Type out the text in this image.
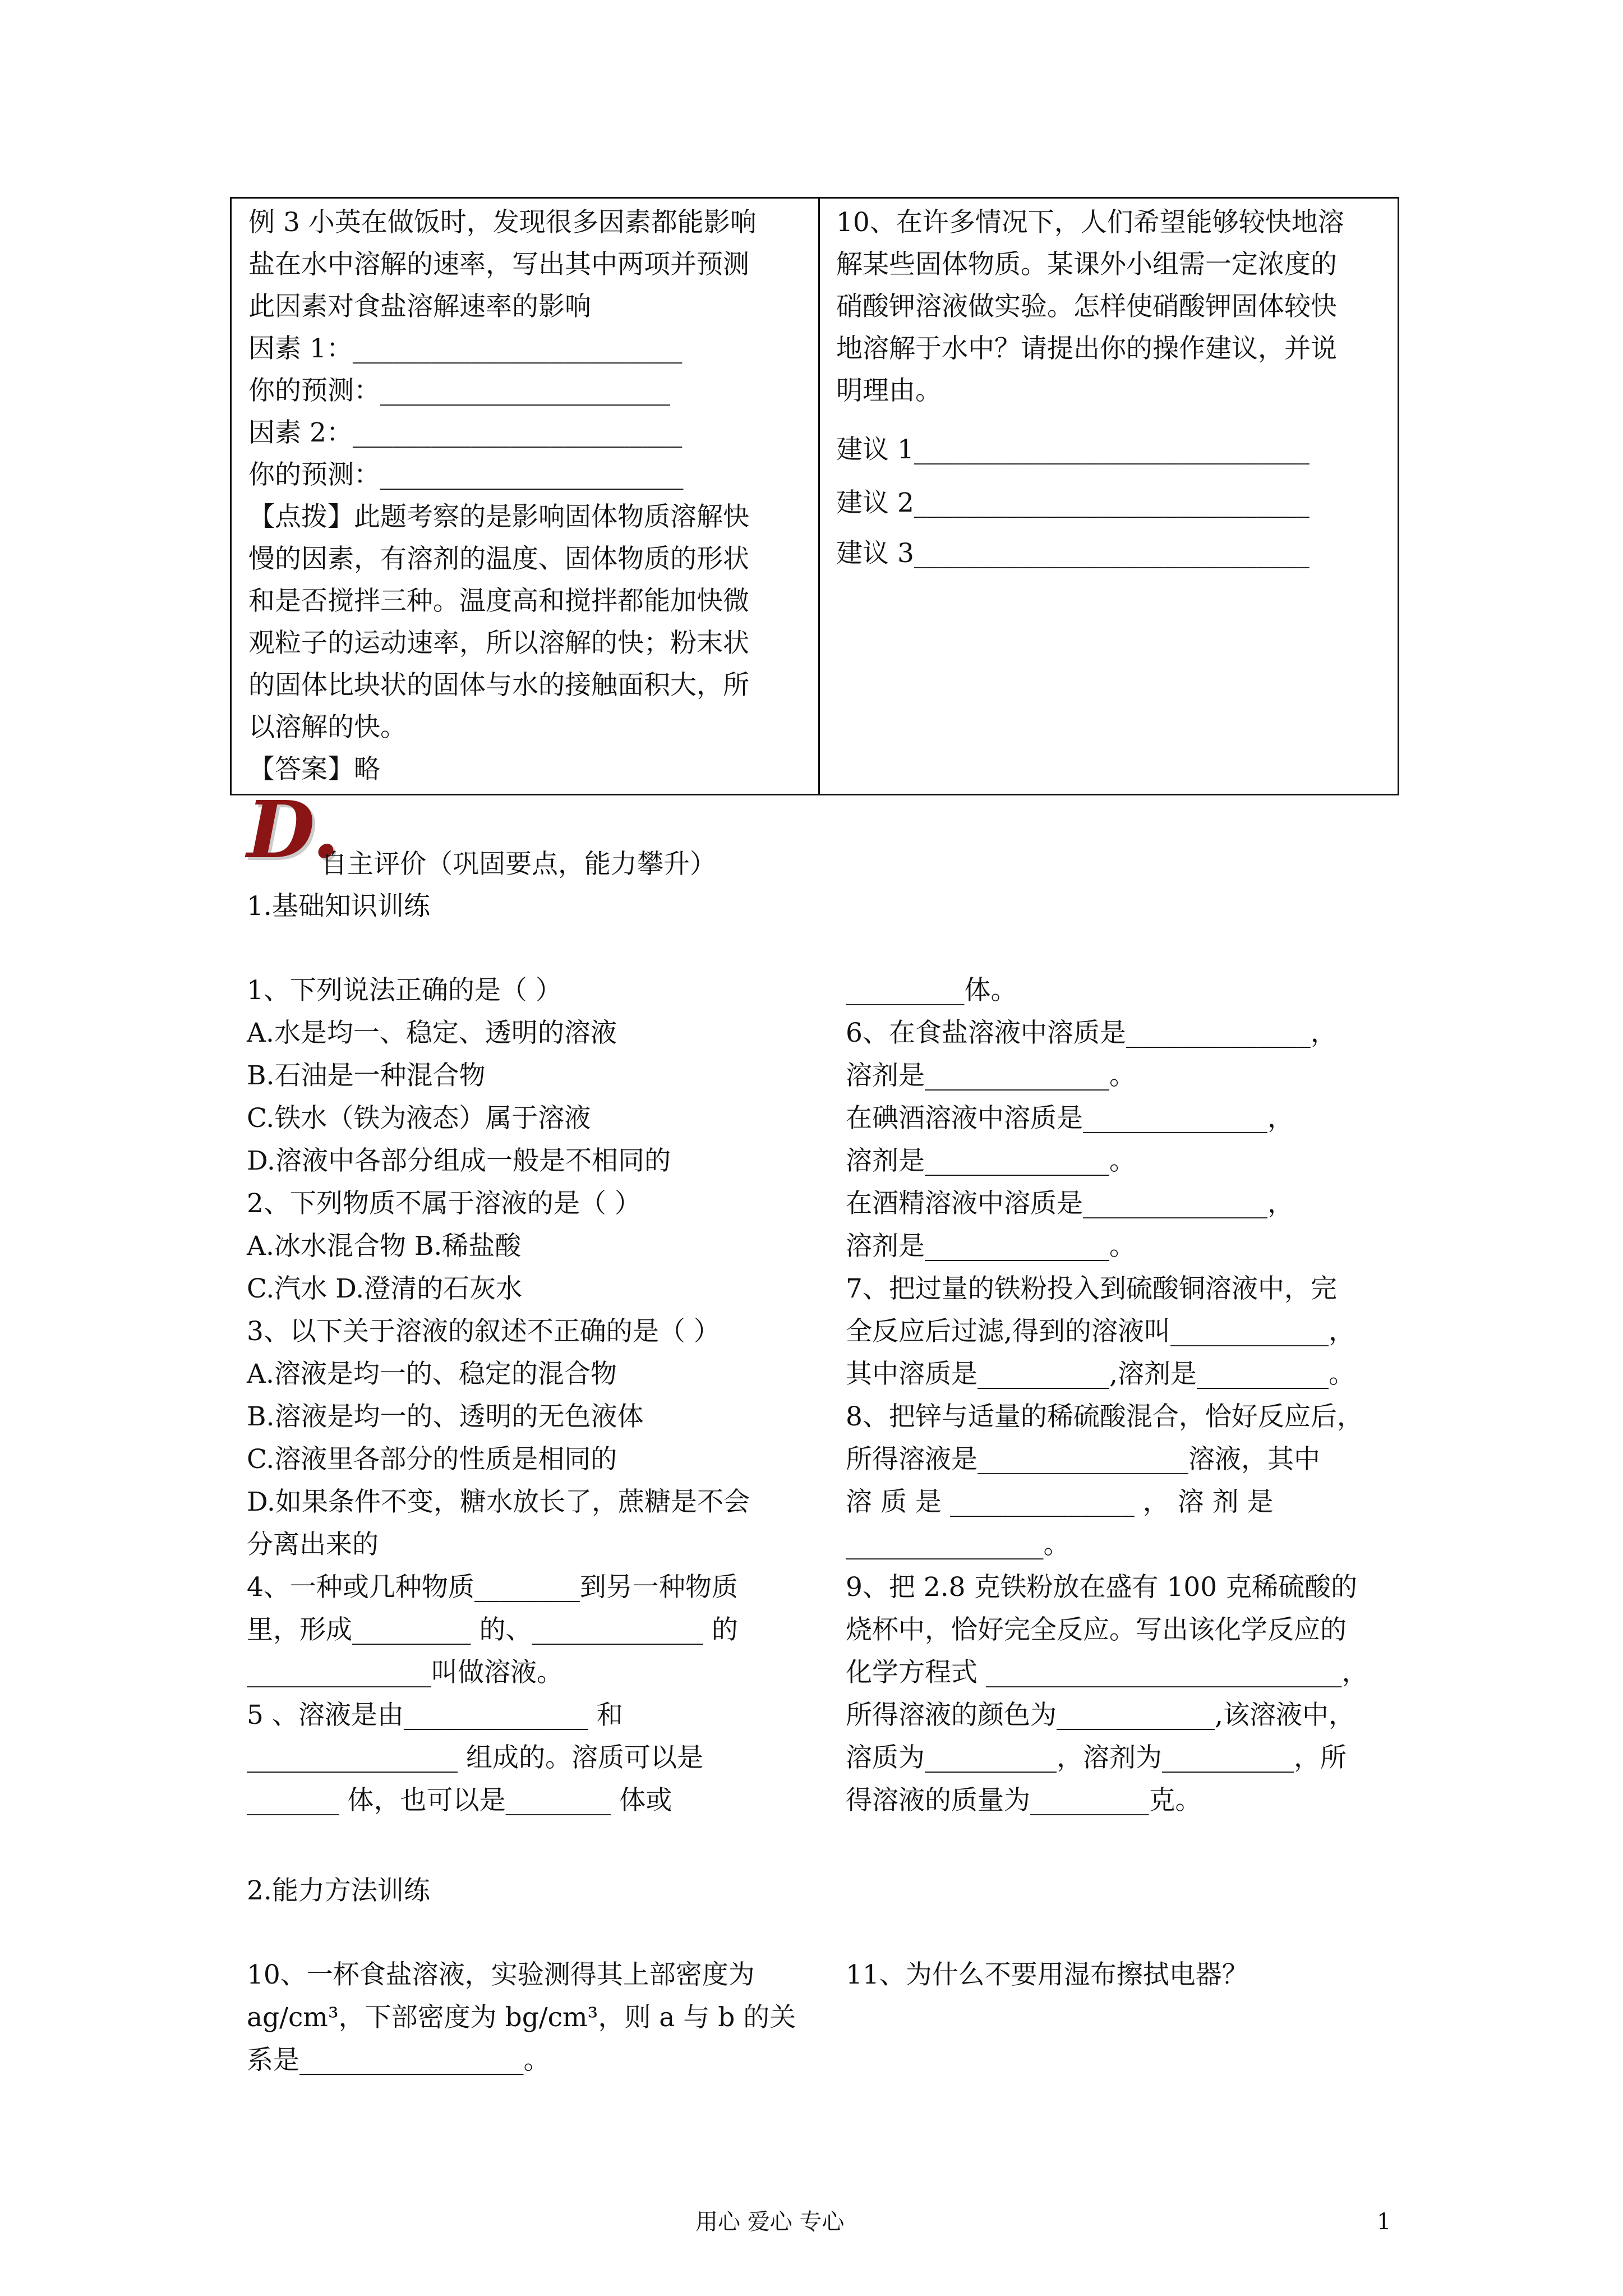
例 3 小英在做饭时，发现很多因素都能影响
盐在水中溶解的速率，写出其中两项并预测
此因素对食盐溶解速率的影响
因素 1：_________________________
你的预测：______________________
因素 2：_________________________
你的预测：_______________________
【点拨】此题考察的是影响固体物质溶解快
慢的因素，有溶剂的温度、固体物质的形状
和是否搅拌三种。温度高和搅拌都能加快微
观粒子的运动速率，所以溶解的快；粉末状
的固体比块状的固体与水的接触面积大，所
以溶解的快。
【答案】略
10、在许多情况下，人们希望能够较快地溶
解某些固体物质。某课外小组需一定浓度的
硝酸钾溶液做实验。怎样使硝酸钾固体较快
地溶解于水中？请提出你的操作建议，并说
明理由。
建议 1______________________________
建议 2______________________________
建议 3______________________________
D.
自主评价（巩固要点，能力攀升）
1.基础知识训练
1、下列说法正确的是（ ）
A.水是均一、稳定、透明的溶液
B.石油是一种混合物
C.铁水（铁为液态）属于溶液
D.溶液中各部分组成一般是不相同的
2、下列物质不属于溶液的是（ ）
A.冰水混合物 B.稀盐酸
C.汽水 D.澄清的石灰水
3、以下关于溶液的叙述不正确的是（ ）
A.溶液是均一的、稳定的混合物
B.溶液是均一的、透明的无色液体
C.溶液里各部分的性质是相同的
D.如果条件不变，糖水放长了，蔗糖是不会
分离出来的
4、一种或几种物质________到另一种物质
里，形成_________ 的、_____________ 的
______________叫做溶液。
5 、溶液是由______________ 和
________________ 组成的。溶质可以是
_______ 体，也可以是________ 体或
_________体。
6、在食盐溶液中溶质是______________，
溶剂是______________。
在碘酒溶液中溶质是______________，
溶剂是______________。
在酒精溶液中溶质是______________，
溶剂是______________。
7、把过量的铁粉投入到硫酸铜溶液中，完
全反应后过滤,得到的溶液叫____________，
其中溶质是__________,溶剂是__________。
8、把锌与适量的稀硫酸混合，恰好反应后，
所得溶液是________________溶液，其中
溶 质 是 ______________ ， 溶 剂 是
_______________。
9、把 2.8 克铁粉放在盛有 100 克稀硫酸的
烧杯中，恰好完全反应。写出该化学反应的
化学方程式 ___________________________，
所得溶液的颜色为____________,该溶液中，
溶质为__________，溶剂为__________，所
得溶液的质量为_________克。
2.能力方法训练
10、一杯食盐溶液，实验测得其上部密度为
ag/cm³，下部密度为 bg/cm³，则 a 与 b 的关
系是_________________。
11、为什么不要用湿布擦拭电器？
用心 爱心 专心	1
